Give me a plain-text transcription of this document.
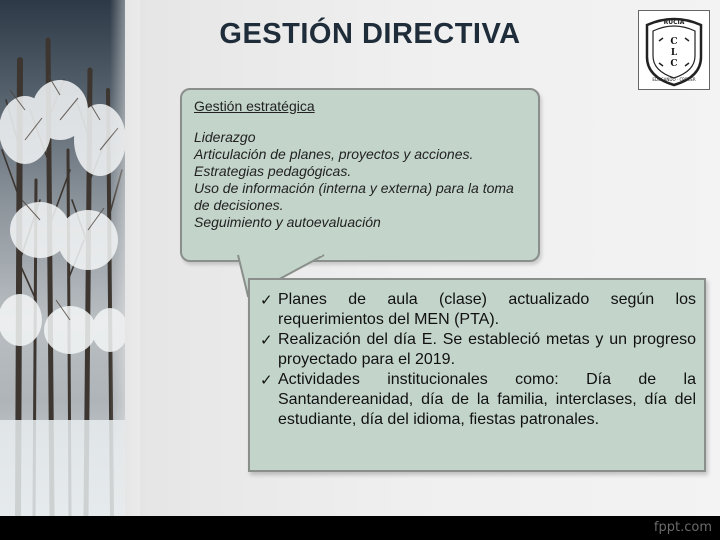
GESTIÓN DIRECTIVA	RUCIA
C
L
C
EDUCANDO · CRECER

Gestión estratégica

Liderazgo
Articulación de planes, proyectos y acciones.
Estrategias pedagógicas.
Uso de información (interna y externa) para la toma de decisiones.
Seguimiento y autoevaluación
✓ Planes de aula (clase) actualizado según los requerimientos del MEN (PTA).
✓ Realización del día E. Se estableció metas y un progreso proyectado para el 2019.
✓ Actividades institucionales como: Día de la Santandereanidad, día de la familia, interclases, día del estudiante, día del idioma, fiestas patronales.
fppt.com
